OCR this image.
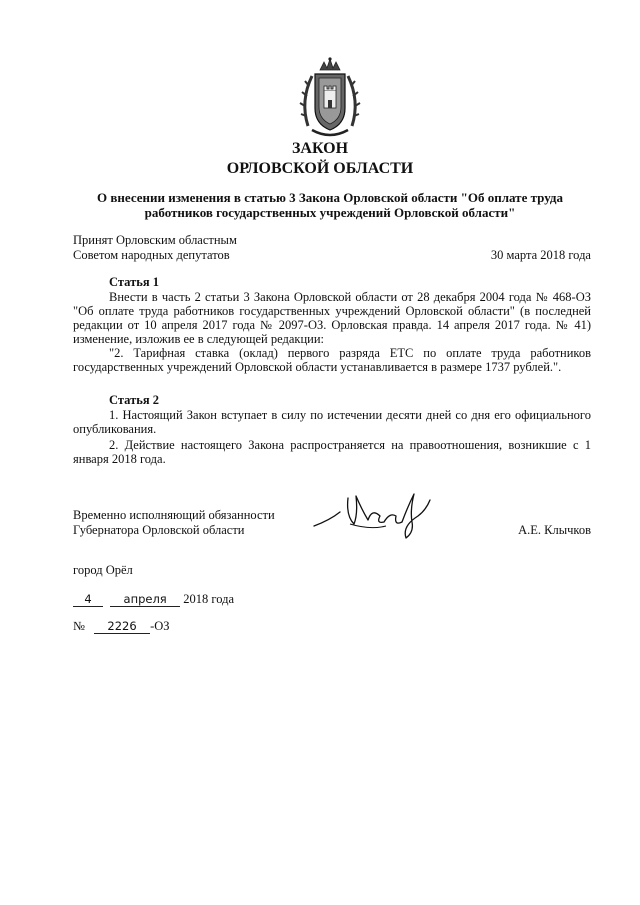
ЗАКОН
ОРЛОВСКОЙ ОБЛАСТИ
О внесении изменения в статью 3 Закона Орловской области "Об оплате труда
работников государственных учреждений Орловской области"
Принят Орловским областным
Советом народных депутатов	30 марта 2018 года
Статья 1
Внести в часть 2 статьи 3 Закона Орловской области от 28 декабря 2004 года № 468-ОЗ "Об оплате труда работников государственных учреждений Орловской области" (в последней редакции от 10 апреля 2017 года № 2097-ОЗ. Орловская правда. 14 апреля 2017 года. № 41) изменение, изложив ее в следующей редакции:
"2. Тарифная ставка (оклад) первого разряда ЕТС по оплате труда работников государственных учреждений Орловской области устанавливается в размере 1737 рублей.".
Статья 2
1. Настоящий Закон вступает в силу по истечении десяти дней со дня его официального опубликования.
2. Действие настоящего Закона распространяется на правоотношения, возникшие с 1 января 2018 года.
Временно исполняющий обязанности
Губернатора Орловской области	А.Е. Клычков
город Орёл
4	апреля 2018 года
№ 2226 -ОЗ
